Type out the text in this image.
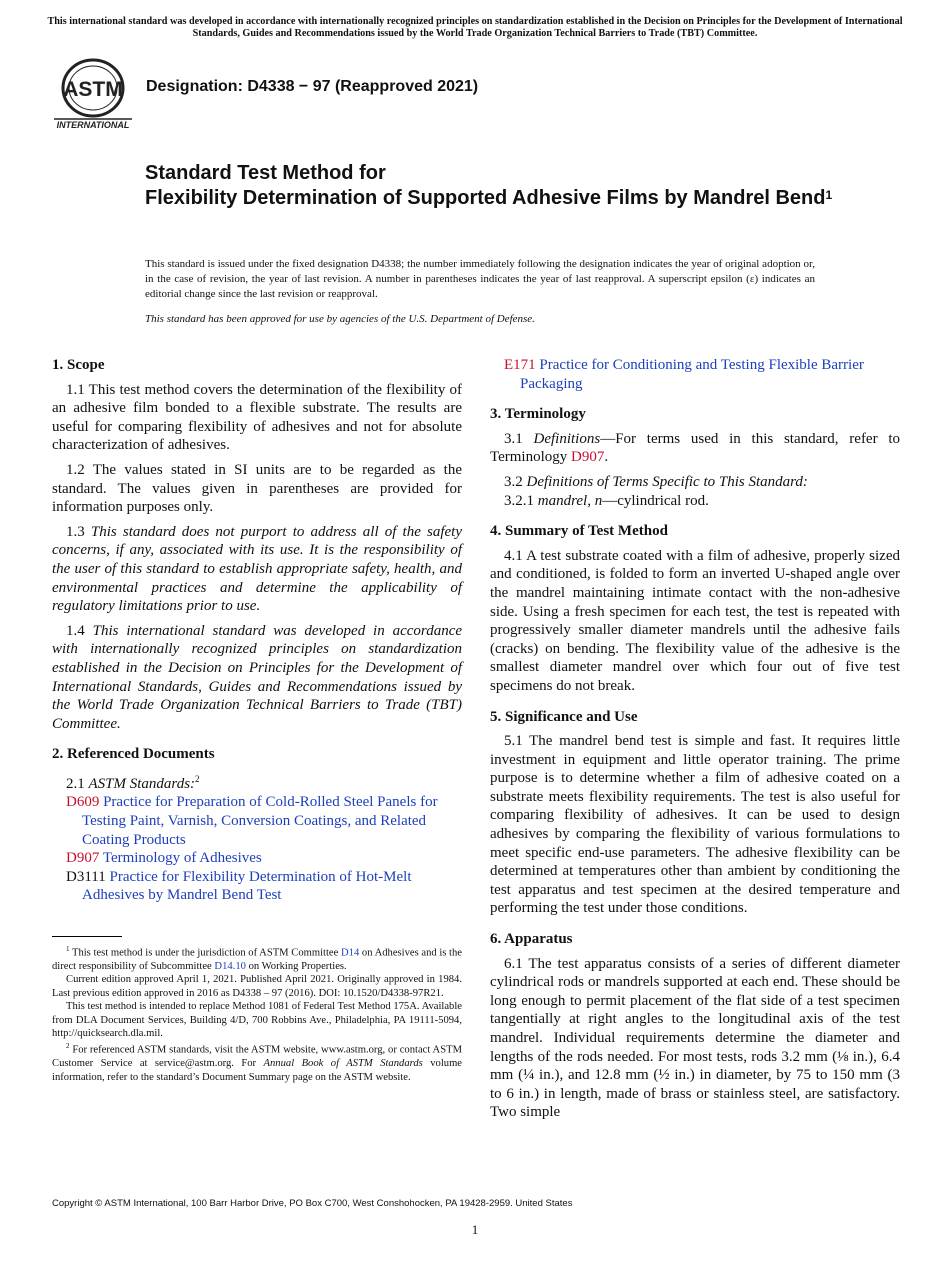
This international standard was developed in accordance with internationally recognized principles on standardization established in the Decision on Principles for the Development of International Standards, Guides and Recommendations issued by the World Trade Organization Technical Barriers to Trade (TBT) Committee.
ASTM
INTERNATIONAL
Designation: D4338 − 97 (Reapproved 2021)
Standard Test Method for
Flexibility Determination of Supported Adhesive Films by Mandrel Bend$^1$
This standard is issued under the fixed designation D4338; the number immediately following the designation indicates the year of original adoption or, in the case of revision, the year of last revision. A number in parentheses indicates the year of last reapproval. A superscript epsilon (ε) indicates an editorial change since the last revision or reapproval.
This standard has been approved for use by agencies of the U.S. Department of Defense.

1. Scope

1.1 This test method covers the determination of the flexibility of an adhesive film bonded to a flexible substrate. The results are useful for comparing flexibility of adhesives and not for absolute characterization of adhesives.

1.2 The values stated in SI units are to be regarded as the standard. The values given in parentheses are provided for information purposes only.

1.3 This standard does not purport to address all of the safety concerns, if any, associated with its use. It is the responsibility of the user of this standard to establish appropriate safety, health, and environmental practices and determine the applicability of regulatory limitations prior to use.

1.4 This international standard was developed in accordance with internationally recognized principles on standardization established in the Decision on Principles for the Development of International Standards, Guides and Recommendations issued by the World Trade Organization Technical Barriers to Trade (TBT) Committee.

2. Referenced Documents

2.1 ASTM Standards:$^2$

D609 Practice for Preparation of Cold-Rolled Steel Panels for Testing Paint, Varnish, Conversion Coatings, and Related Coating Products

D907 Terminology of Adhesives

D3111 Practice for Flexibility Determination of Hot-Melt Adhesives by Mandrel Bend Test

$^1$ This test method is under the jurisdiction of ASTM Committee D14 on Adhesives and is the direct responsibility of Subcommittee D14.10 on Working Properties.

Current edition approved April 1, 2021. Published April 2021. Originally approved in 1984. Last previous edition approved in 2016 as D4338 – 97 (2016). DOI: 10.1520/D4338-97R21.

This test method is intended to replace Method 1081 of Federal Test Method 175A. Available from DLA Document Services, Building 4/D, 700 Robbins Ave., Philadelphia, PA 19111-5094, http://quicksearch.dla.mil.

$^2$ For referenced ASTM standards, visit the ASTM website, www.astm.org, or contact ASTM Customer Service at service@astm.org. For Annual Book of ASTM Standards volume information, refer to the standard’s Document Summary page on the ASTM website.

E171 Practice for Conditioning and Testing Flexible Barrier Packaging

3. Terminology

3.1 Definitions—For terms used in this standard, refer to Terminology D907.

3.2 Definitions of Terms Specific to This Standard:

3.2.1 mandrel, n—cylindrical rod.

4. Summary of Test Method

4.1 A test substrate coated with a film of adhesive, properly sized and conditioned, is folded to form an inverted U-shaped angle over the mandrel maintaining intimate contact with the non-adhesive side. Using a fresh specimen for each test, the test is repeated with progressively smaller diameter mandrels until the adhesive fails (cracks) on bending. The flexibility value of the adhesive is the smallest diameter mandrel over which four out of five test specimens do not break.

5. Significance and Use

5.1 The mandrel bend test is simple and fast. It requires little investment in equipment and little operator training. The prime purpose is to determine whether a film of adhesive coated on a substrate meets flexibility requirements. The test is also useful for comparing flexibility of adhesives. It can be used to design adhesives by comparing the flexibility of various formulations to meet specific end-use parameters. The adhesive flexibility can be determined at temperatures other than ambient by conditioning the test apparatus and test specimen at the desired temperature and performing the test under those conditions.

6. Apparatus

6.1 The test apparatus consists of a series of different diameter cylindrical rods or mandrels supported at each end. These should be long enough to permit placement of the flat side of a test specimen tangentially at right angles to the longitudinal axis of the test mandrel. Individual requirements determine the diameter and lengths of the rods needed. For most tests, rods 3.2 mm (⅛ in.), 6.4 mm (¼ in.), and 12.8 mm (½ in.) in diameter, by 75 to 150 mm (3 to 6 in.) in length, made of brass or stainless steel, are satisfactory. Two simple

Copyright © ASTM International, 100 Barr Harbor Drive, PO Box C700, West Conshohocken, PA 19428-2959. United States
1
